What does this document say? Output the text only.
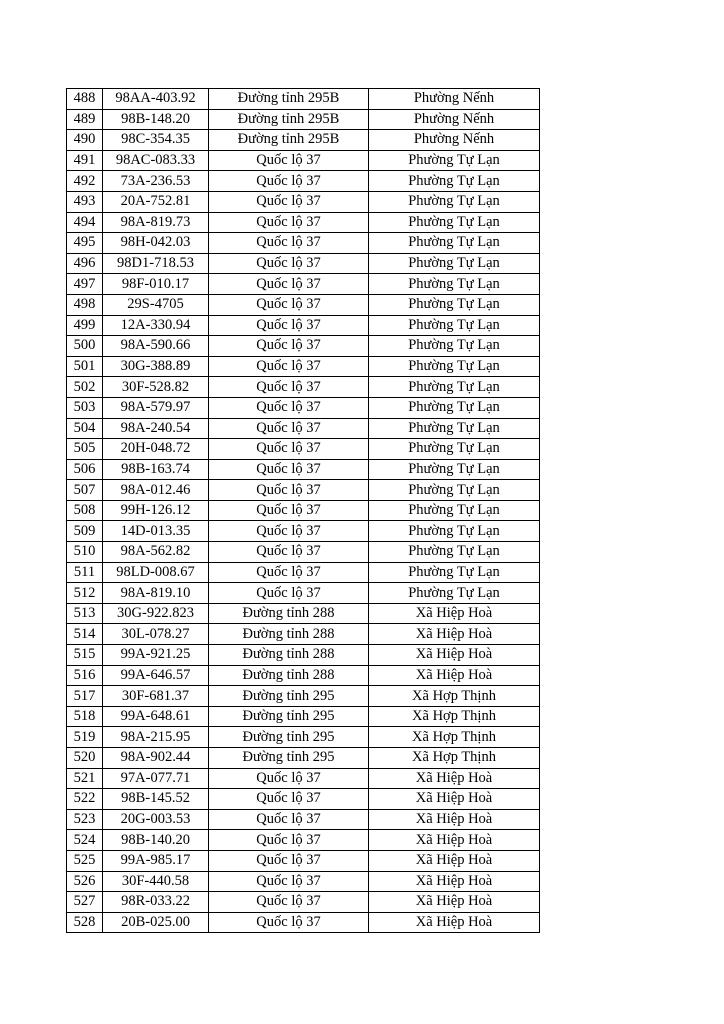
488	98AA-403.92	Đường tỉnh 295B	Phường Nếnh
489	98B-148.20	Đường tỉnh 295B	Phường Nếnh
490	98C-354.35	Đường tỉnh 295B	Phường Nếnh
491	98AC-083.33	Quốc lộ 37	Phường Tự Lạn
492	73A-236.53	Quốc lộ 37	Phường Tự Lạn
493	20A-752.81	Quốc lộ 37	Phường Tự Lạn
494	98A-819.73	Quốc lộ 37	Phường Tự Lạn
495	98H-042.03	Quốc lộ 37	Phường Tự Lạn
496	98D1-718.53	Quốc lộ 37	Phường Tự Lạn
497	98F-010.17	Quốc lộ 37	Phường Tự Lạn
498	29S-4705	Quốc lộ 37	Phường Tự Lạn
499	12A-330.94	Quốc lộ 37	Phường Tự Lạn
500	98A-590.66	Quốc lộ 37	Phường Tự Lạn
501	30G-388.89	Quốc lộ 37	Phường Tự Lạn
502	30F-528.82	Quốc lộ 37	Phường Tự Lạn
503	98A-579.97	Quốc lộ 37	Phường Tự Lạn
504	98A-240.54	Quốc lộ 37	Phường Tự Lạn
505	20H-048.72	Quốc lộ 37	Phường Tự Lạn
506	98B-163.74	Quốc lộ 37	Phường Tự Lạn
507	98A-012.46	Quốc lộ 37	Phường Tự Lạn
508	99H-126.12	Quốc lộ 37	Phường Tự Lạn
509	14D-013.35	Quốc lộ 37	Phường Tự Lạn
510	98A-562.82	Quốc lộ 37	Phường Tự Lạn
511	98LD-008.67	Quốc lộ 37	Phường Tự Lạn
512	98A-819.10	Quốc lộ 37	Phường Tự Lạn
513	30G-922.823	Đường tỉnh 288	Xã Hiệp Hoà
514	30L-078.27	Đường tỉnh 288	Xã Hiệp Hoà
515	99A-921.25	Đường tỉnh 288	Xã Hiệp Hoà
516	99A-646.57	Đường tỉnh 288	Xã Hiệp Hoà
517	30F-681.37	Đường tỉnh 295	Xã Hợp Thịnh
518	99A-648.61	Đường tỉnh 295	Xã Hợp Thịnh
519	98A-215.95	Đường tỉnh 295	Xã Hợp Thịnh
520	98A-902.44	Đường tỉnh 295	Xã Hợp Thịnh
521	97A-077.71	Quốc lộ 37	Xã Hiệp Hoà
522	98B-145.52	Quốc lộ 37	Xã Hiệp Hoà
523	20G-003.53	Quốc lộ 37	Xã Hiệp Hoà
524	98B-140.20	Quốc lộ 37	Xã Hiệp Hoà
525	99A-985.17	Quốc lộ 37	Xã Hiệp Hoà
526	30F-440.58	Quốc lộ 37	Xã Hiệp Hoà
527	98R-033.22	Quốc lộ 37	Xã Hiệp Hoà
528	20B-025.00	Quốc lộ 37	Xã Hiệp Hoà
